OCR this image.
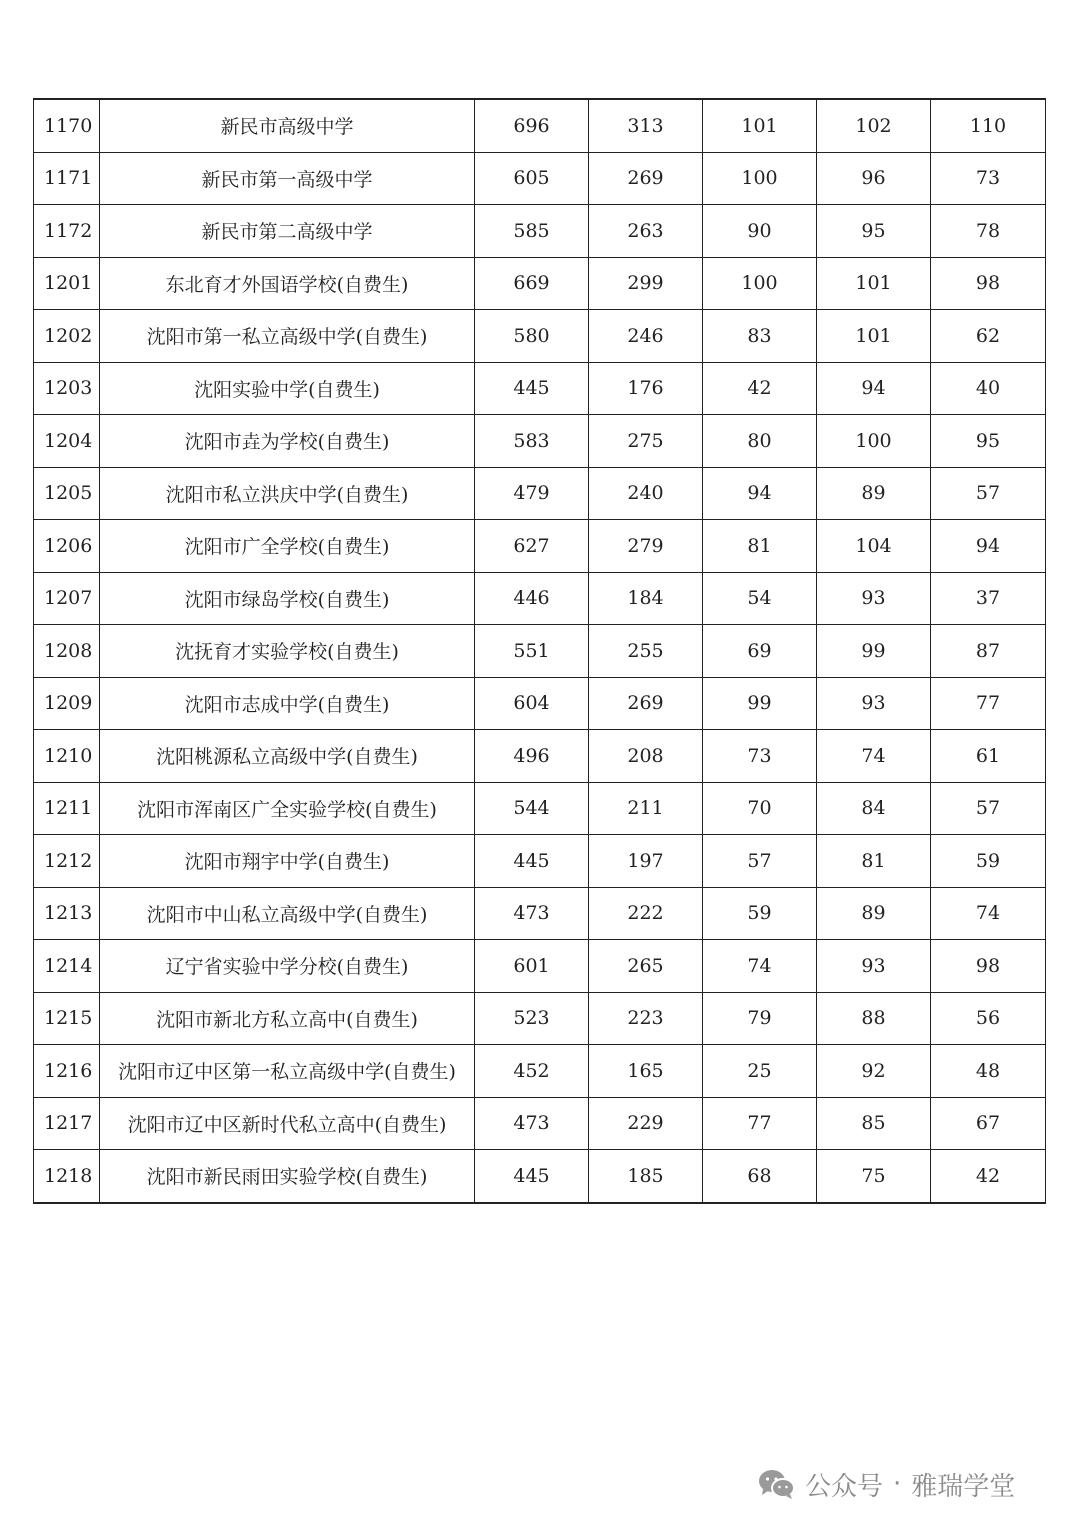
1170	新民市高级中学	696	313	101	102	110
1171	新民市第一高级中学	605	269	100	96	73
1172	新民市第二高级中学	585	263	90	95	78
1201	东北育才外国语学校(自费生)	669	299	100	101	98
1202	沈阳市第一私立高级中学(自费生)	580	246	83	101	62
1203	沈阳实验中学(自费生)	445	176	42	94	40
1204	沈阳市垚为学校(自费生)	583	275	80	100	95
1205	沈阳市私立洪庆中学(自费生)	479	240	94	89	57
1206	沈阳市广全学校(自费生)	627	279	81	104	94
1207	沈阳市绿岛学校(自费生)	446	184	54	93	37
1208	沈抚育才实验学校(自费生)	551	255	69	99	87
1209	沈阳市志成中学(自费生)	604	269	99	93	77
1210	沈阳桃源私立高级中学(自费生)	496	208	73	74	61
1211	沈阳市浑南区广全实验学校(自费生)	544	211	70	84	57
1212	沈阳市翔宇中学(自费生)	445	197	57	81	59
1213	沈阳市中山私立高级中学(自费生)	473	222	59	89	74
1214	辽宁省实验中学分校(自费生)	601	265	74	93	98
1215	沈阳市新北方私立高中(自费生)	523	223	79	88	56
1216	沈阳市辽中区第一私立高级中学(自费生)	452	165	25	92	48
1217	沈阳市辽中区新时代私立高中(自费生)	473	229	77	85	67
1218	沈阳市新民雨田实验学校(自费生)	445	185	68	75	42
公众号 · 雅瑞学堂
